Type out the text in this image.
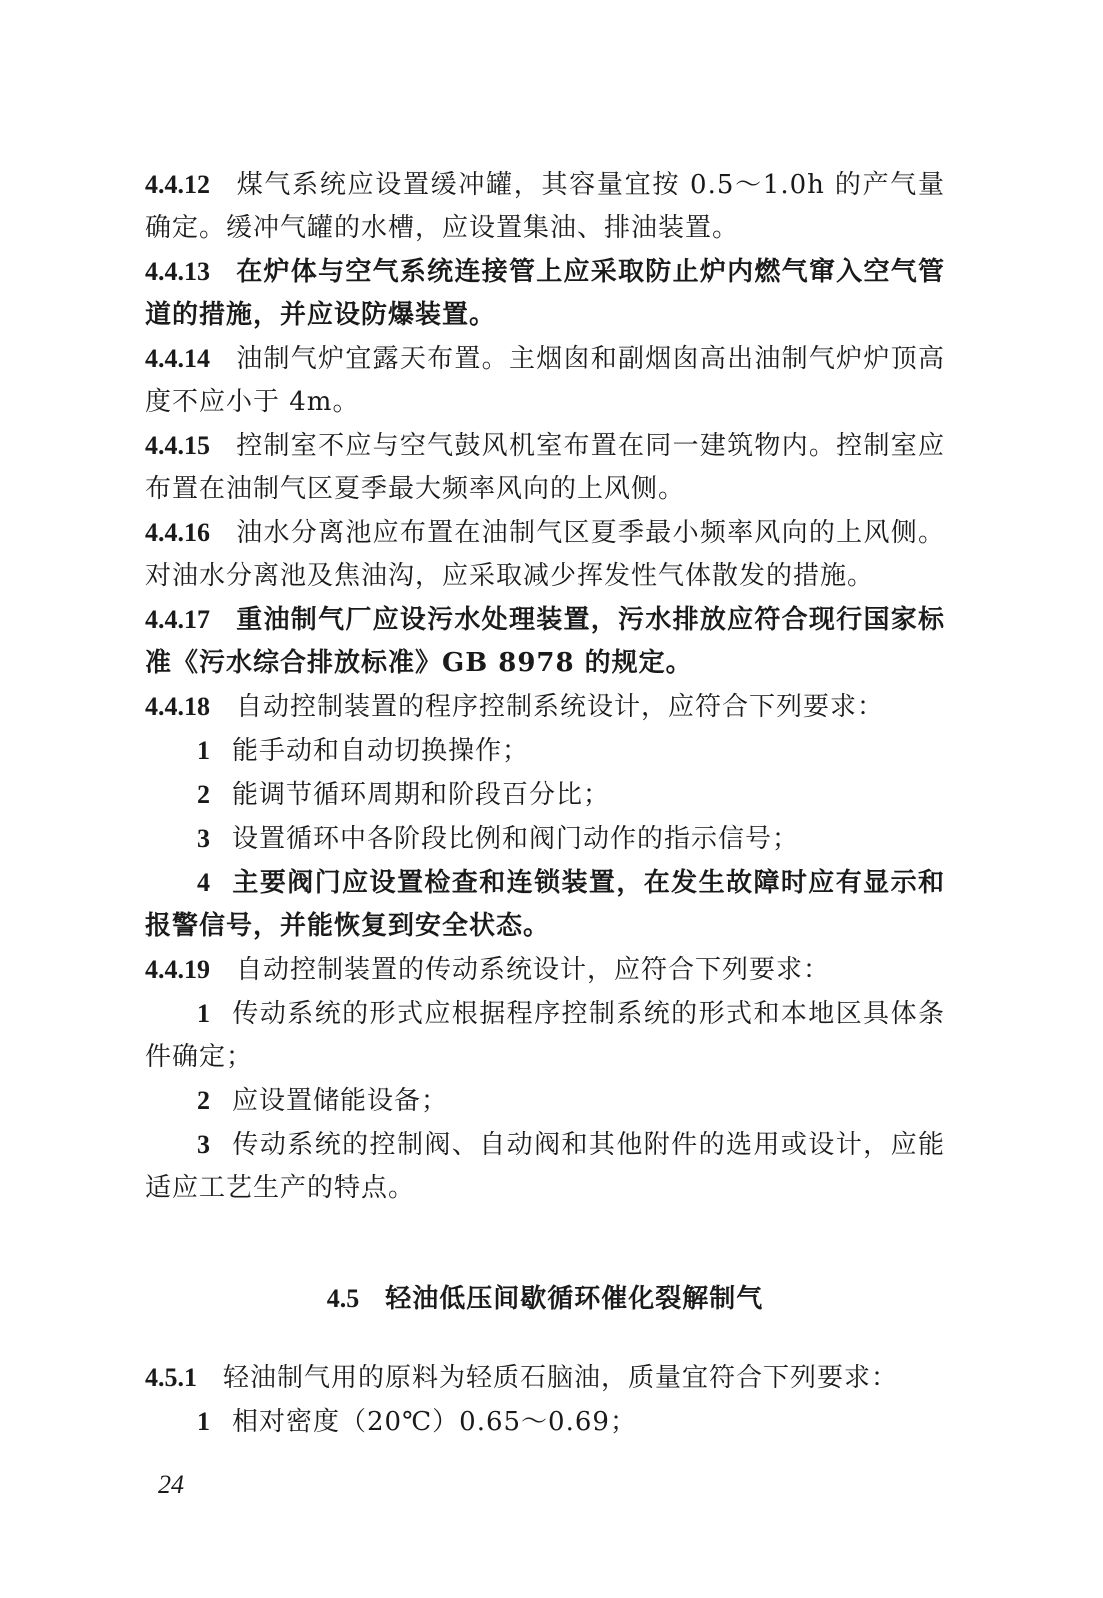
4.4.12 煤气系统应设置缓冲罐，其容量宜按 0.5～1.0h 的产气量确定。缓冲气罐的水槽，应设置集油、排油装置。

4.4.13 在炉体与空气系统连接管上应采取防止炉内燃气窜入空气管道的措施，并应设防爆装置。

4.4.14 油制气炉宜露天布置。主烟囱和副烟囱高出油制气炉炉顶高度不应小于 4m。

4.4.15 控制室不应与空气鼓风机室布置在同一建筑物内。控制室应布置在油制气区夏季最大频率风向的上风侧。

4.4.16 油水分离池应布置在油制气区夏季最小频率风向的上风侧。对油水分离池及焦油沟，应采取减少挥发性气体散发的措施。

4.4.17 重油制气厂应设污水处理装置，污水排放应符合现行国家标准《污水综合排放标准》GB 8978 的规定。

4.4.18 自动控制装置的程序控制系统设计，应符合下列要求：

1 能手动和自动切换操作；

2 能调节循环周期和阶段百分比；

3 设置循环中各阶段比例和阀门动作的指示信号；

4 主要阀门应设置检查和连锁装置，在发生故障时应有显示和报警信号，并能恢复到安全状态。

4.4.19 自动控制装置的传动系统设计，应符合下列要求：

1 传动系统的形式应根据程序控制系统的形式和本地区具体条件确定；

2 应设置储能设备；

3 传动系统的控制阀、自动阀和其他附件的选用或设计，应能适应工艺生产的特点。

4.5 轻油低压间歇循环催化裂解制气

4.5.1 轻油制气用的原料为轻质石脑油，质量宜符合下列要求：

1 相对密度（20℃）0.65～0.69；

24
